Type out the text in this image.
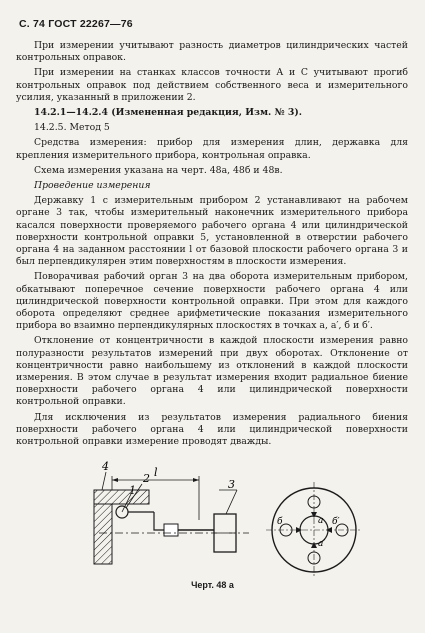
С. 74 ГОСТ 22267—76

При измерении учитывают разность диаметров цилиндрических частей контрольных оправок.

При измерении на станках классов точности А и С учитывают прогиб контрольных оправок под действием собственного веса и измерительного усилия, указанный в приложении 2.

14.2.1—14.2.4 (Измененная редакция, Изм. № 3).

14.2.5. Метод 5

Средства измерения: прибор для измерения длин, державка для крепления измерительного прибора, контрольная оправка.

Схема измерения указана на черт. 48а, 48б и 48в.

Проведение измерения

Державку 1 с измерительным прибором 2 устанавливают на рабочем органе 3 так, чтобы измерительный наконечник измерительного прибора касался поверхности проверяемого рабочего органа 4 или цилиндрической поверхности контрольной оправки 5, установленной в отверстии рабочего органа 4 на заданном расстоянии l от базовой плоскости рабочего органа 3 и был перпендикулярен этим поверхностям в плоскости измерения.

Поворачивая рабочий орган 3 на два оборота измерительным прибором, обкатывают поперечное сечение поверхности рабочего органа 4 или цилиндрической поверхности контрольной оправки. При этом для каждого оборота определяют среднее арифметические показания измерительного прибора во взаимно перпендикулярных плоскостях в точках а, а′, б и б′.

Отклонение от концентричности в каждой плоскости измерения равно полуразности результатов измерений при двух оборотах. Отклонение от концентричности равно наибольшему из отклонений в каждой плоскости измерения. В этом случае в результат измерения входит радиальное биение поверхности рабочего органа 4 или цилиндрической поверхности контрольной оправки.

Для исключения из результатов измерения радиального биения поверхности рабочего органа 4 или цилиндрической поверхности контрольной оправки измерение проводят дважды.

4
2
1
l
3
а
б
а′
б′
Черт. 48 а
